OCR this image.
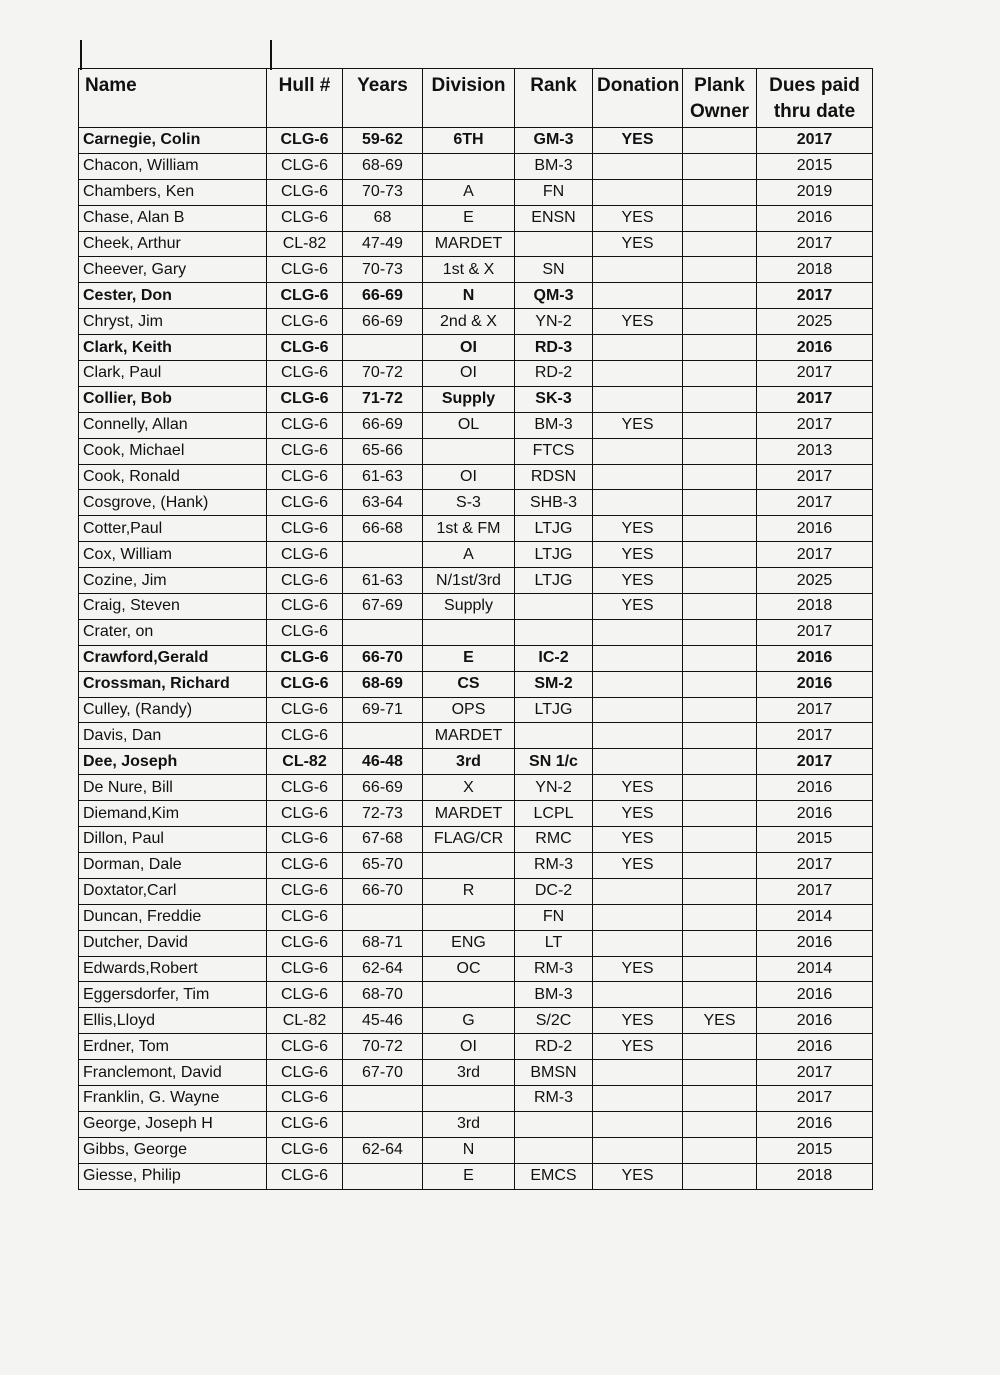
Name	Hull #	Years	Division	Rank	Donation	Plank Owner	Dues paid thru date
Carnegie, Colin	CLG-6	59-62	6TH	GM-3	YES		2017
Chacon, William	CLG-6	68-69		BM-3			2015
Chambers, Ken	CLG-6	70-73	A	FN			2019
Chase, Alan B	CLG-6	68	E	ENSN	YES		2016
Cheek, Arthur	CL-82	47-49	MARDET		YES		2017
Cheever, Gary	CLG-6	70-73	1st & X	SN			2018
Cester, Don	CLG-6	66-69	N	QM-3			2017
Chryst, Jim	CLG-6	66-69	2nd & X	YN-2	YES		2025
Clark, Keith	CLG-6		OI	RD-3			2016
Clark, Paul	CLG-6	70-72	OI	RD-2			2017
Collier, Bob	CLG-6	71-72	Supply	SK-3			2017
Connelly, Allan	CLG-6	66-69	OL	BM-3	YES		2017
Cook, Michael	CLG-6	65-66		FTCS			2013
Cook, Ronald	CLG-6	61-63	OI	RDSN			2017
Cosgrove, (Hank)	CLG-6	63-64	S-3	SHB-3			2017
Cotter,Paul	CLG-6	66-68	1st & FM	LTJG	YES		2016
Cox, William	CLG-6		A	LTJG	YES		2017
Cozine, Jim	CLG-6	61-63	N/1st/3rd	LTJG	YES		2025
Craig, Steven	CLG-6	67-69	Supply		YES		2018
Crater, on	CLG-6						2017
Crawford,Gerald	CLG-6	66-70	E	IC-2			2016
Crossman, Richard	CLG-6	68-69	CS	SM-2			2016
Culley, (Randy)	CLG-6	69-71	OPS	LTJG			2017
Davis, Dan	CLG-6		MARDET				2017
Dee, Joseph	CL-82	46-48	3rd	SN 1/c			2017
De Nure, Bill	CLG-6	66-69	X	YN-2	YES		2016
Diemand,Kim	CLG-6	72-73	MARDET	LCPL	YES		2016
Dillon, Paul	CLG-6	67-68	FLAG/CR	RMC	YES		2015
Dorman, Dale	CLG-6	65-70		RM-3	YES		2017
Doxtator,Carl	CLG-6	66-70	R	DC-2			2017
Duncan, Freddie	CLG-6			FN			2014
Dutcher, David	CLG-6	68-71	ENG	LT			2016
Edwards,Robert	CLG-6	62-64	OC	RM-3	YES		2014
Eggersdorfer, Tim	CLG-6	68-70		BM-3			2016
Ellis,Lloyd	CL-82	45-46	G	S/2C	YES	YES	2016
Erdner, Tom	CLG-6	70-72	OI	RD-2	YES		2016
Franclemont, David	CLG-6	67-70	3rd	BMSN			2017
Franklin, G. Wayne	CLG-6			RM-3			2017
George, Joseph H	CLG-6		3rd				2016
Gibbs, George	CLG-6	62-64	N				2015
Giesse, Philip	CLG-6		E	EMCS	YES		2018
